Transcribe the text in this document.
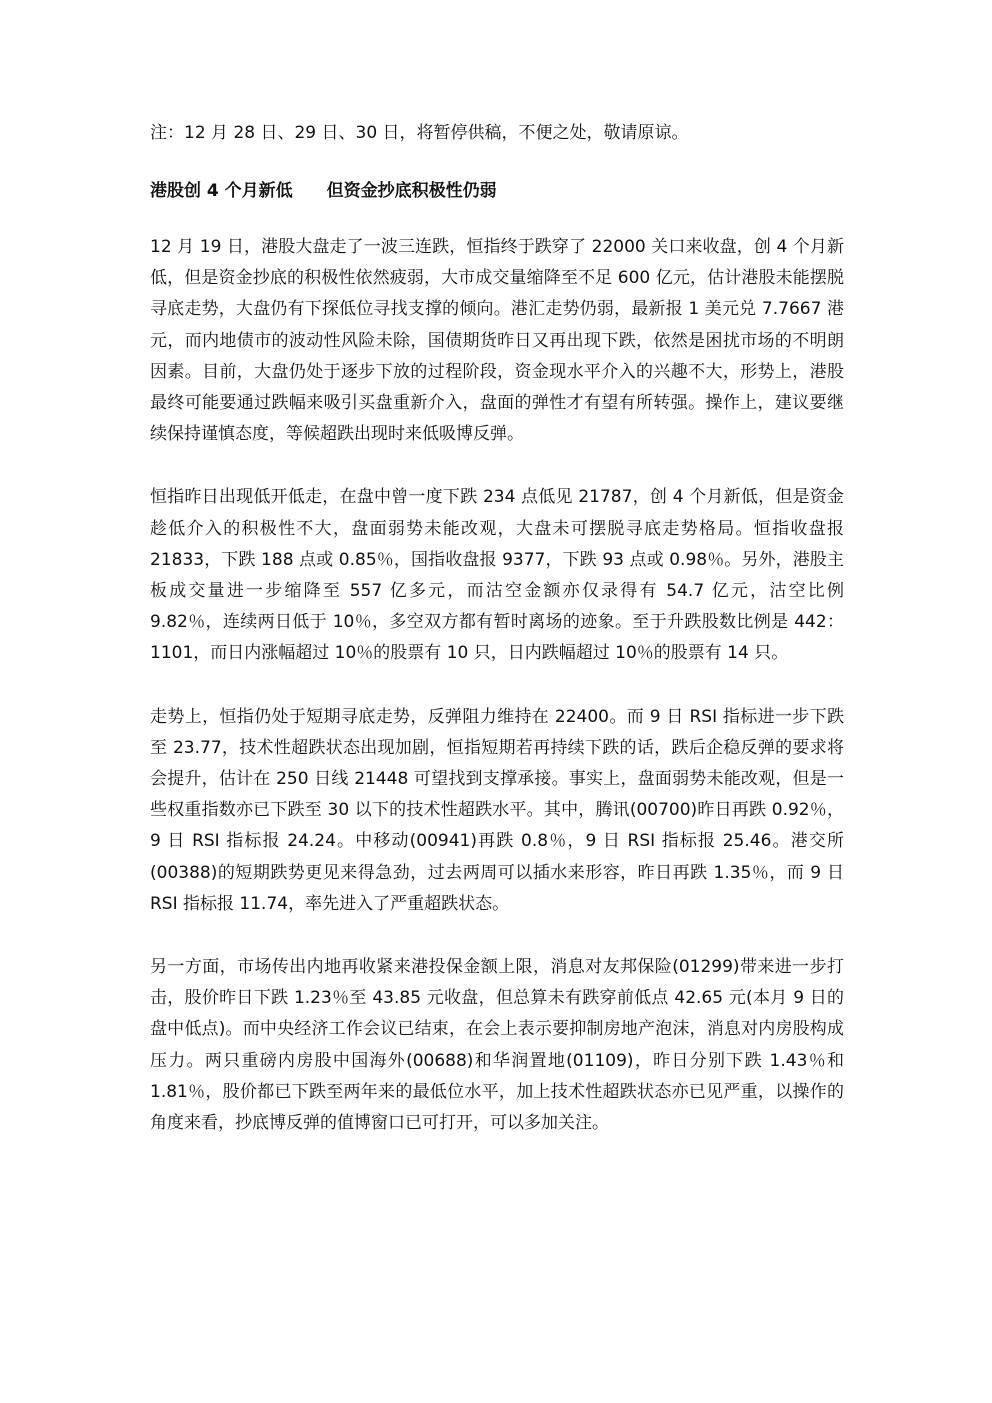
注：12 月 28 日、29 日、30 日，将暂停供稿，不便之处，敬请原谅。

港股创 4 个月新低　　但资金抄底积极性仍弱

12 月 19 日，港股大盘走了一波三连跌，恒指终于跌穿了 22000 关口来收盘，创 4 个月新低，但是资金抄底的积极性依然疲弱，大市成交量缩降至不足 600 亿元，估计港股未能摆脱寻底走势，大盘仍有下探低位寻找支撑的倾向。港汇走势仍弱，最新报 1 美元兑 7.7667 港元，而内地债市的波动性风险未除，国债期货昨日又再出现下跌，依然是困扰市场的不明朗因素。目前，大盘仍处于逐步下放的过程阶段，资金现水平介入的兴趣不大，形势上，港股最终可能要通过跌幅来吸引买盘重新介入，盘面的弹性才有望有所转强。操作上，建议要继续保持谨慎态度，等候超跌出现时来低吸博反弹。

恒指昨日出现低开低走，在盘中曾一度下跌 234 点低见 21787，创 4 个月新低，但是资金趁低介入的积极性不大，盘面弱势未能改观，大盘未可摆脱寻底走势格局。恒指收盘报 21833，下跌 188 点或 0.85％，国指收盘报 9377，下跌 93 点或 0.98％。另外，港股主板成交量进一步缩降至 557 亿多元，而沽空金额亦仅录得有 54.7 亿元，沽空比例 9.82％，连续两日低于 10％，多空双方都有暂时离场的迹象。至于升跌股数比例是 442：1101，而日内涨幅超过 10％的股票有 10 只，日内跌幅超过 10％的股票有 14 只。

走势上，恒指仍处于短期寻底走势，反弹阻力维持在 22400。而 9 日 RSI 指标进一步下跌至 23.77，技术性超跌状态出现加剧，恒指短期若再持续下跌的话，跌后企稳反弹的要求将会提升，估计在 250 日线 21448 可望找到支撑承接。事实上，盘面弱势未能改观，但是一些权重指数亦已下跌至 30 以下的技术性超跌水平。其中，腾讯(00700)昨日再跌 0.92％，9 日 RSI 指标报 24.24。中移动(00941)再跌 0.8％，9 日 RSI 指标报 25.46。港交所(00388)的短期跌势更见来得急劲，过去两周可以插水来形容，昨日再跌 1.35％，而 9 日 RSI 指标报 11.74，率先进入了严重超跌状态。

另一方面，市场传出内地再收紧来港投保金额上限，消息对友邦保险(01299)带来进一步打击，股价昨日下跌 1.23％至 43.85 元收盘，但总算未有跌穿前低点 42.65 元(本月 9 日的盘中低点)。而中央经济工作会议已结束，在会上表示要抑制房地产泡沫，消息对内房股构成压力。两只重磅内房股中国海外(00688)和华润置地(01109)，昨日分别下跌 1.43％和 1.81％，股价都已下跌至两年来的最低位水平，加上技术性超跌状态亦已见严重，以操作的角度来看，抄底博反弹的值博窗口已可打开，可以多加关注。
